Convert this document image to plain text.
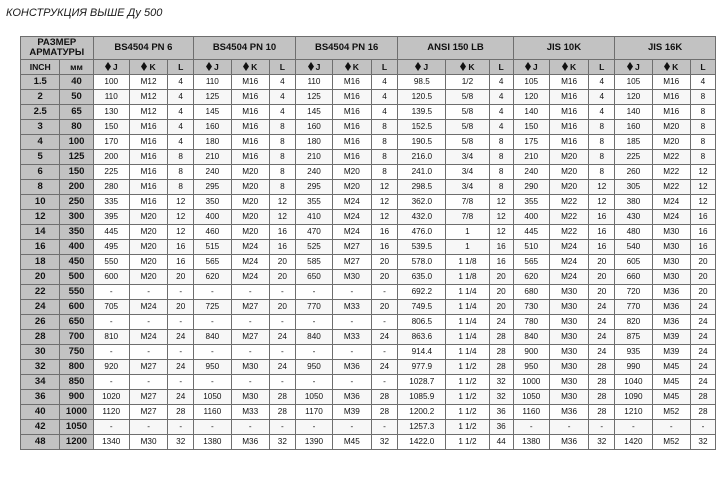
КОНСТРУКЦИЯ ВЫШЕ Ду 500
РАЗМЕР АРМАТУРЫ		BS4504 PN 6			BS4504 PN 10			BS4504 PN 16			ANSI 150 LB			JIS 10K			JIS 16K		
INCH	мм	J	K	L	J	K	L	J	K	L	J	K	L	J	K	L	J	K	L
1.5	40	100	M12	4	110	M16	4	110	M16	4	98.5	1/2	4	105	M16	4	105	M16	4
2	50	110	M12	4	125	M16	4	125	M16	4	120.5	5/8	4	120	M16	4	120	M16	8
2.5	65	130	M12	4	145	M16	4	145	M16	4	139.5	5/8	4	140	M16	4	140	M16	8
3	80	150	M16	4	160	M16	8	160	M16	8	152.5	5/8	4	150	M16	8	160	M20	8
4	100	170	M16	4	180	M16	8	180	M16	8	190.5	5/8	8	175	M16	8	185	M20	8
5	125	200	M16	8	210	M16	8	210	M16	8	216.0	3/4	8	210	M20	8	225	M22	8
6	150	225	M16	8	240	M20	8	240	M20	8	241.0	3/4	8	240	M20	8	260	M22	12
8	200	280	M16	8	295	M20	8	295	M20	12	298.5	3/4	8	290	M20	12	305	M22	12
10	250	335	M16	12	350	M20	12	355	M24	12	362.0	7/8	12	355	M22	12	380	M24	12
12	300	395	M20	12	400	M20	12	410	M24	12	432.0	7/8	12	400	M22	16	430	M24	16
14	350	445	M20	12	460	M20	16	470	M24	16	476.0	1	12	445	M22	16	480	M30	16
16	400	495	M20	16	515	M24	16	525	M27	16	539.5	1	16	510	M24	16	540	M30	16
18	450	550	M20	16	565	M24	20	585	M27	20	578.0	1 1/8	16	565	M24	20	605	M30	20
20	500	600	M20	20	620	M24	20	650	M30	20	635.0	1 1/8	20	620	M24	20	660	M30	20
22	550	-	-	-	-	-	-	-	-	-	692.2	1 1/4	20	680	M30	20	720	M36	20
24	600	705	M24	20	725	M27	20	770	M33	20	749.5	1 1/4	20	730	M30	24	770	M36	24
26	650	-	-	-	-	-	-	-	-	-	806.5	1 1/4	24	780	M30	24	820	M36	24
28	700	810	M24	24	840	M27	24	840	M33	24	863.6	1 1/4	28	840	M30	24	875	M39	24
30	750	-	-	-	-	-	-	-	-	-	914.4	1 1/4	28	900	M30	24	935	M39	24
32	800	920	M27	24	950	M30	24	950	M36	24	977.9	1 1/2	28	950	M30	28	990	M45	24
34	850	-	-	-	-	-	-	-	-	-	1028.7	1 1/2	32	1000	M30	28	1040	M45	24
36	900	1020	M27	24	1050	M30	28	1050	M36	28	1085.9	1 1/2	32	1050	M30	28	1090	M45	28
40	1000	1120	M27	28	1160	M33	28	1170	M39	28	1200.2	1 1/2	36	1160	M36	28	1210	M52	28
42	1050	-	-	-	-	-	-	-	-	-	1257.3	1 1/2	36	-	-	-	-	-	-
48	1200	1340	M30	32	1380	M36	32	1390	M45	32	1422.0	1 1/2	44	1380	M36	32	1420	M52	32
